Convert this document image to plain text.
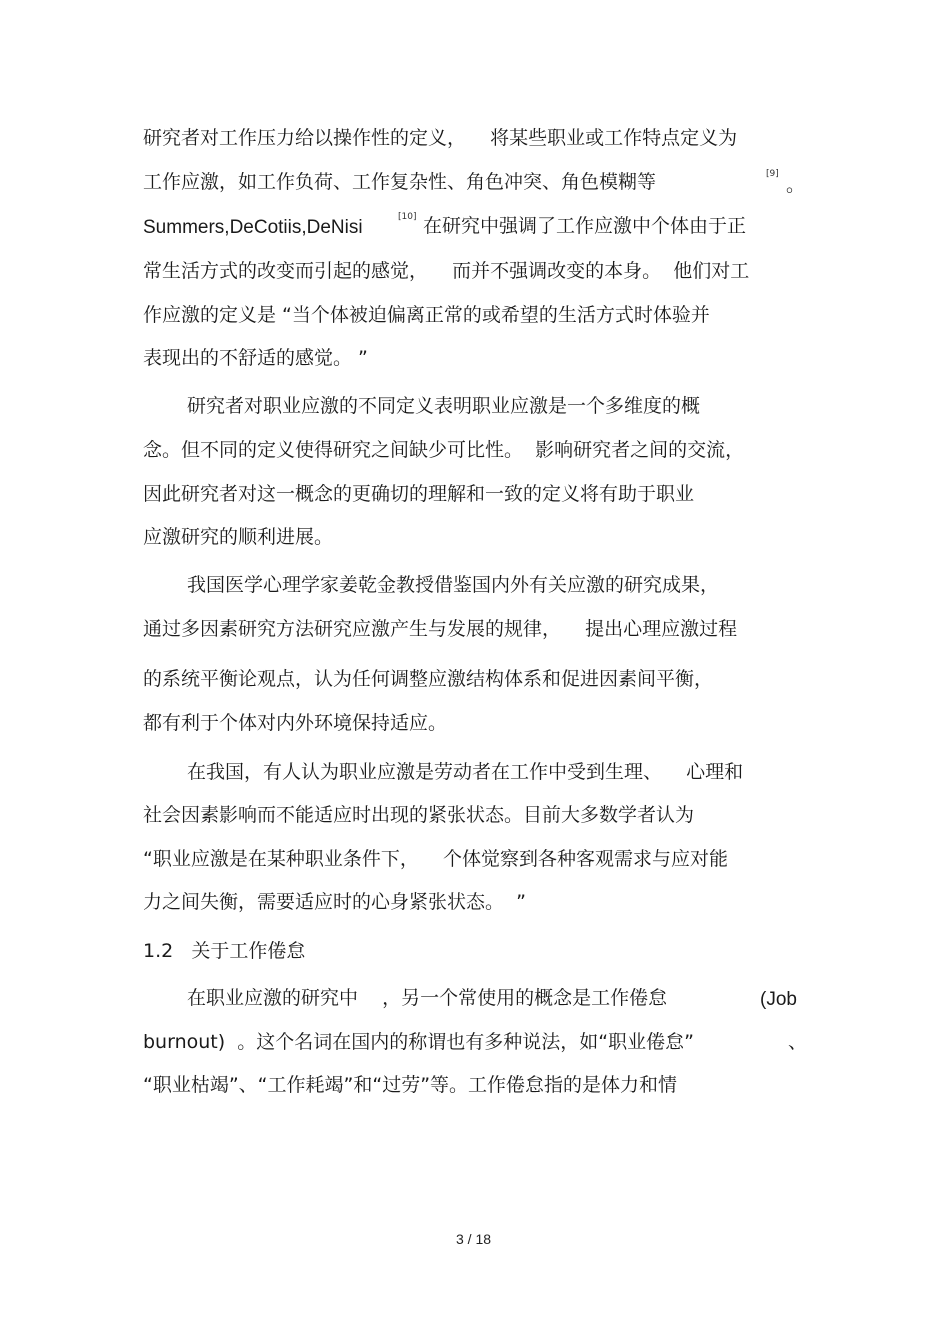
研究者对工作压力给以操作性的定义，    将某些职业或工作特点定义为
工作应激，如工作负荷、工作复杂性、角色冲突、角色模糊等	[9] 。
Summers,DeCotiis,DeNisi	[10] 在研究中强调了工作应激中个体由于正
常生活方式的改变而引起的感觉，    而并不强调改变的本身。  他们对工
作应激的定义是 “当个体被迫偏离正常的或希望的生活方式时体验并
表现出的不舒适的感觉。 ”
研究者对职业应激的不同定义表明职业应激是一个多维度的概
念。但不同的定义使得研究之间缺少可比性。  影响研究者之间的交流，
因此研究者对这一概念的更确切的理解和一致的定义将有助于职业
应激研究的顺利进展。
我国医学心理学家姜乾金教授借鉴国内外有关应激的研究成果，
通过多因素研究方法研究应激产生与发展的规律，    提出心理应激过程
的系统平衡论观点，认为任何调整应激结构体系和促进因素间平衡，
都有利于个体对内外环境保持适应。
在我国，有人认为职业应激是劳动者在工作中受到生理、    心理和
社会因素影响而不能适应时出现的紧张状态。目前大多数学者认为
“职业应激是在某种职业条件下，    个体觉察到各种客观需求与应对能
力之间失衡，需要适应时的心身紧张状态。  ”
1.2   关于工作倦怠
在职业应激的研究中    ，另一个常使用的概念是工作倦怠	(Job
burnout)  。这个名词在国内的称谓也有多种说法，如“职业倦怠”	、
“职业枯竭”、“工作耗竭”和“过劳”等。工作倦怠指的是体力和情
3 / 18
